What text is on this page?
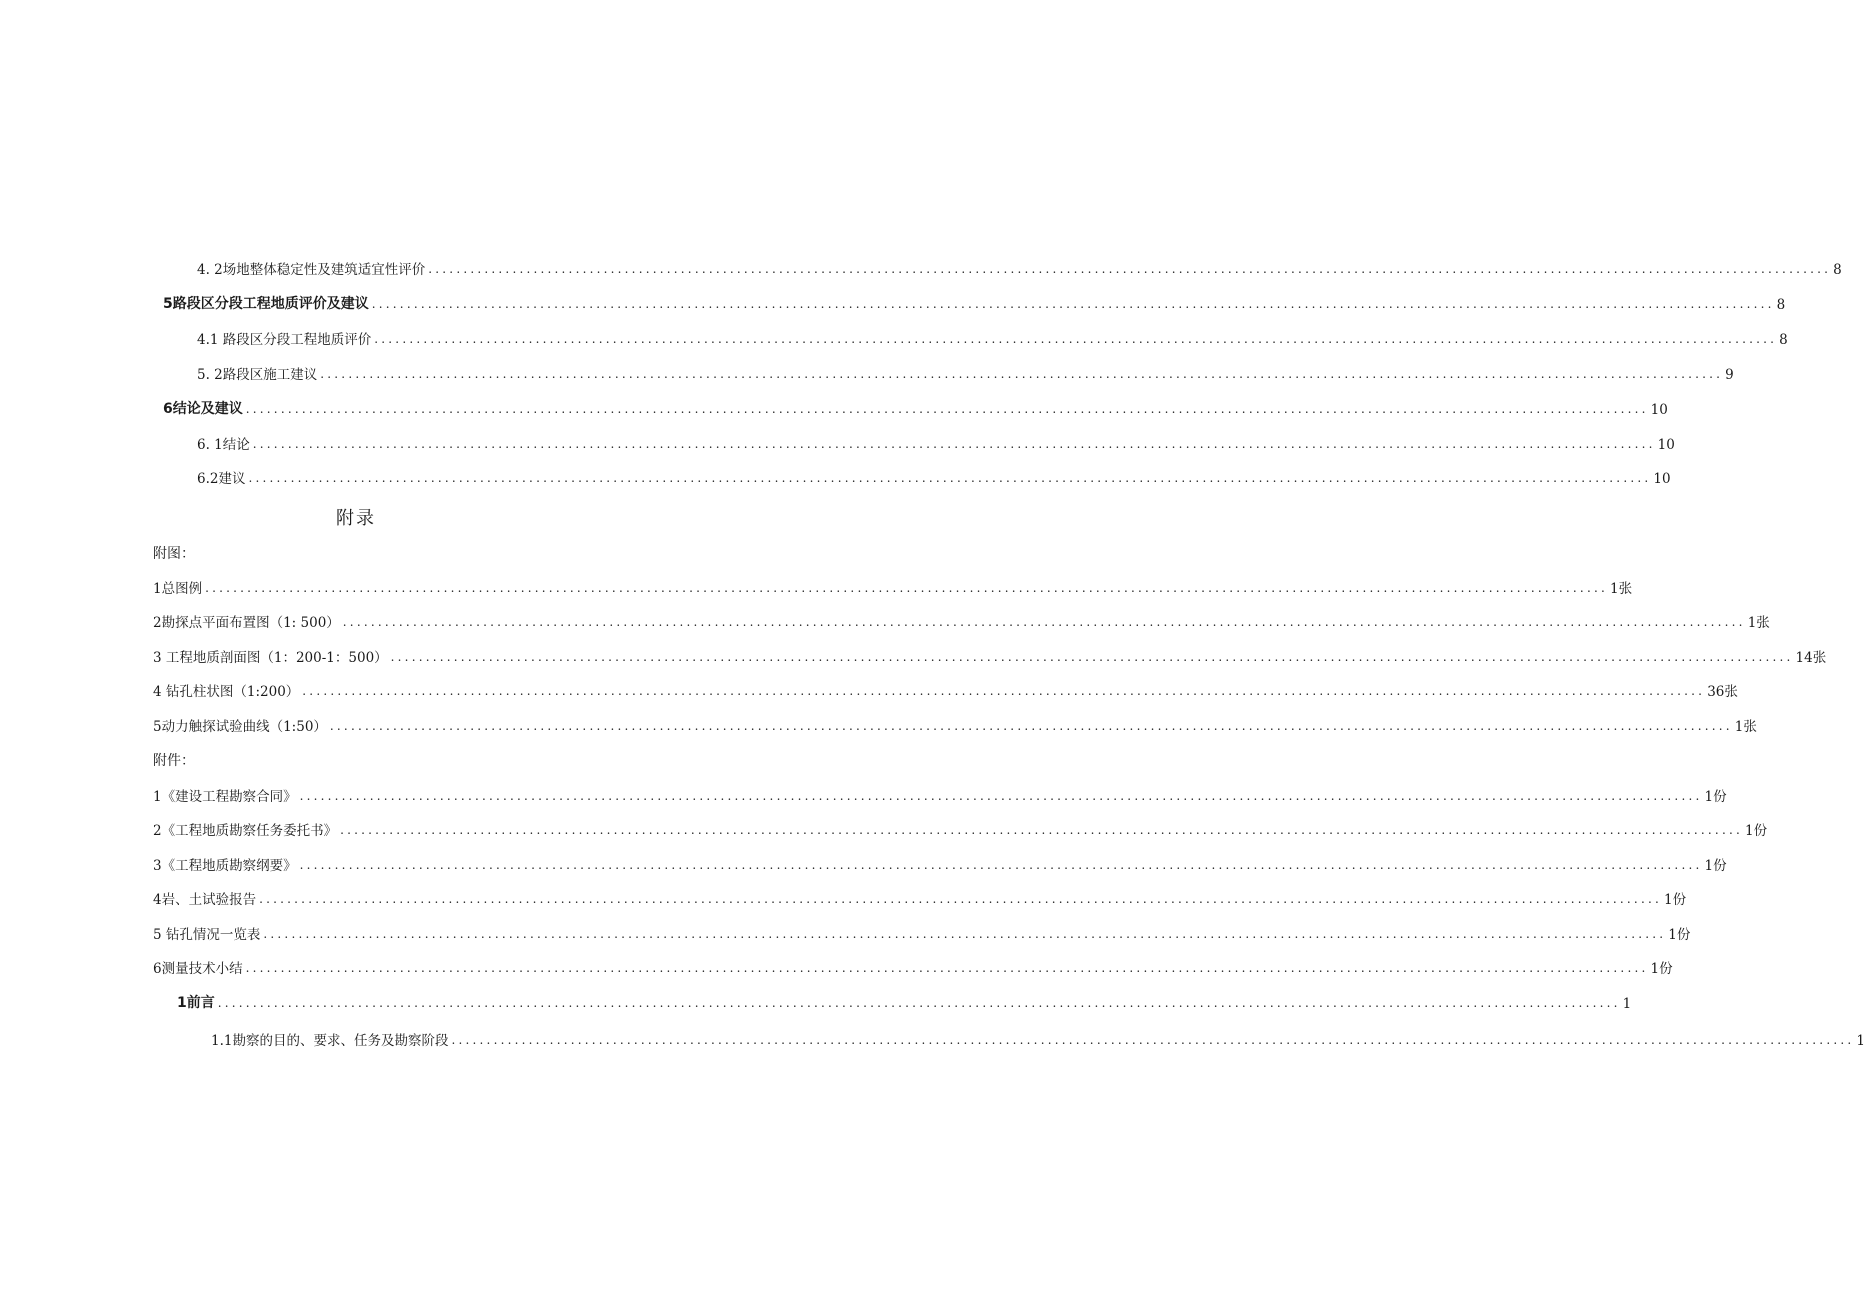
4. 2场地整体稳定性及建筑适宜性评价 ........................................................................................................................................................................................................ 8
5路段区分段工程地质评价及建议 ........................................................................................................................................................................................................ 8
4.1 路段区分段工程地质评价 ........................................................................................................................................................................................................ 8
5. 2路段区施工建议 ........................................................................................................................................................................................................ 9
6结论及建议 ........................................................................................................................................................................................................ 10
6. 1结论 ........................................................................................................................................................................................................ 10
6.2建议 ........................................................................................................................................................................................................ 10
附录
附图：
1总图例 ........................................................................................................................................................................................................ 1张
2勘探点平面布置图（1: 500） ........................................................................................................................................................................................................ 1张
3 工程地质剖面图（1：200-1：500） ........................................................................................................................................................................................................ 14张
4 钻孔柱状图（1:200） ........................................................................................................................................................................................................ 36张
5动力触探试验曲线（1:50） ........................................................................................................................................................................................................ 1张
附件：
1《建设工程勘察合同》 ........................................................................................................................................................................................................ 1份
2《工程地质勘察任务委托书》 ........................................................................................................................................................................................................ 1份
3《工程地质勘察纲要》 ........................................................................................................................................................................................................ 1份
4岩、土试验报告 ........................................................................................................................................................................................................ 1份
5 钻孔情况一览表 ........................................................................................................................................................................................................ 1份
6测量技术小结 ........................................................................................................................................................................................................ 1份
1前言 ........................................................................................................................................................................................................ 1
1.1勘察的目的、要求、任务及勘察阶段 ........................................................................................................................................................................................................ 1
